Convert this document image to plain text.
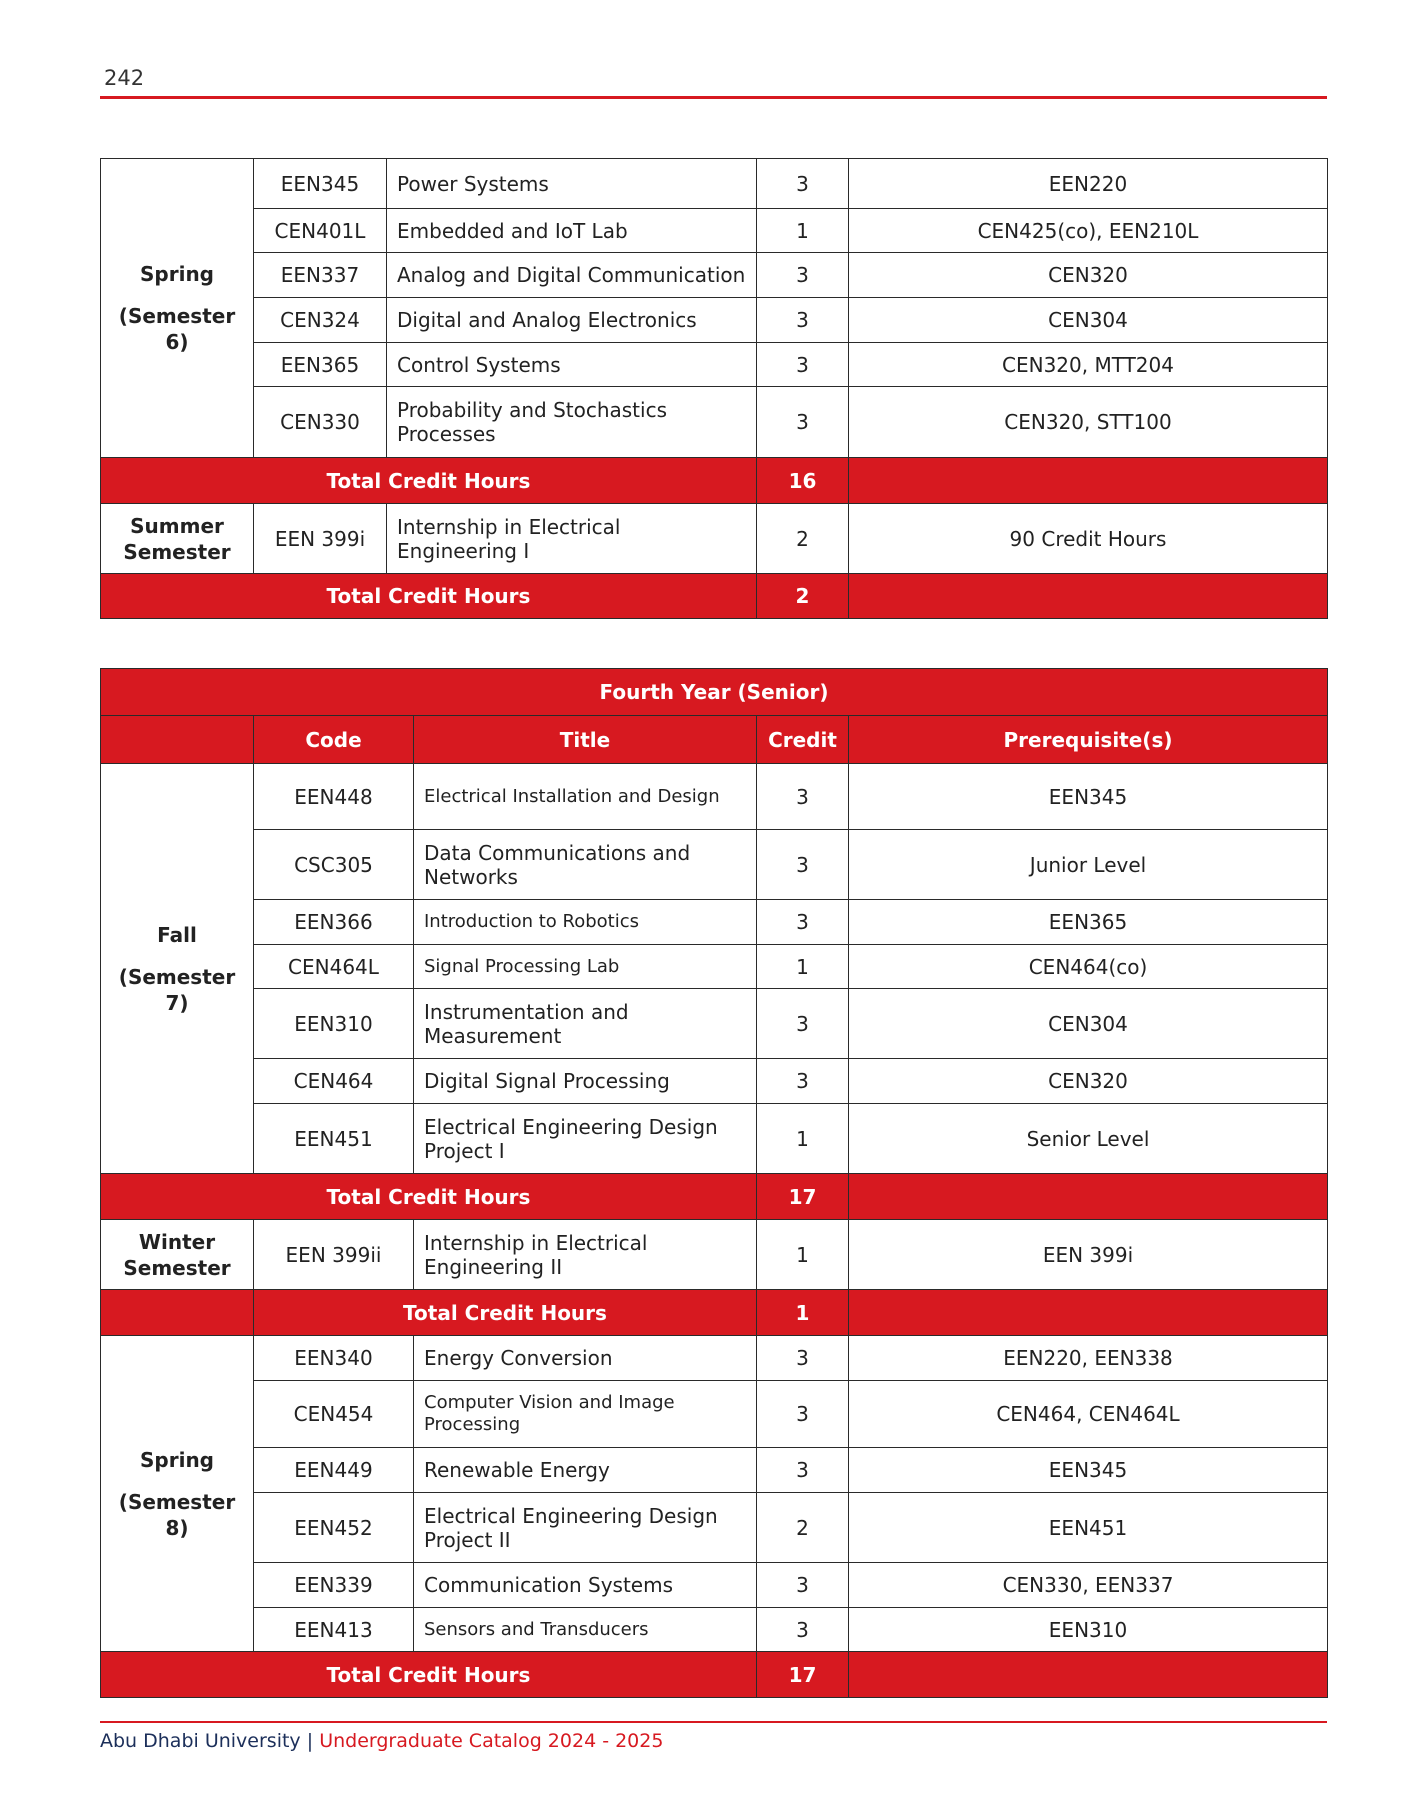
242
Spring
(Semester 6)	EEN345	Power Systems	3	EEN220
	CEN401L	Embedded and IoT Lab	1	CEN425(co), EEN210L
	EEN337	Analog and Digital Communication	3	CEN320
	CEN324	Digital and Analog Electronics	3	CEN304
	EEN365	Control Systems	3	CEN320, MTT204
	CEN330	Probability and Stochastics Processes	3	CEN320, STT100
Total Credit Hours			16	

Summer
Semester	EEN 399i	Internship in Electrical Engineering I	2	90 Credit Hours
Total Credit Hours			2	
Fourth Year (Senior)				
	Code	Title	Credit	Prerequisite(s)

Fall
(Semester 7)	EEN448	Electrical Installation and Design	3	EEN345
	CSC305	Data Communications and Networks	3	Junior Level
	EEN366	Introduction to Robotics	3	EEN365
	CEN464L	Signal Processing Lab	1	CEN464(co)
	EEN310	Instrumentation and Measurement	3	CEN304
	CEN464	Digital Signal Processing	3	CEN320
	EEN451	Electrical Engineering Design Project I	1	Senior Level
Total Credit Hours			17	

Winter
Semester	EEN 399ii	Internship in Electrical Engineering II	1	EEN 399i
	Total Credit Hours		1	

Spring
(Semester 8)	EEN340	Energy Conversion	3	EEN220, EEN338
	CEN454	Computer Vision and Image Processing	3	CEN464, CEN464L
	EEN449	Renewable Energy	3	EEN345
	EEN452	Electrical Engineering Design Project II	2	EEN451
	EEN339	Communication Systems	3	CEN330, EEN337
	EEN413	Sensors and Transducers	3	EEN310
Total Credit Hours			17	
Abu Dhabi University | Undergraduate Catalog 2024 - 2025
